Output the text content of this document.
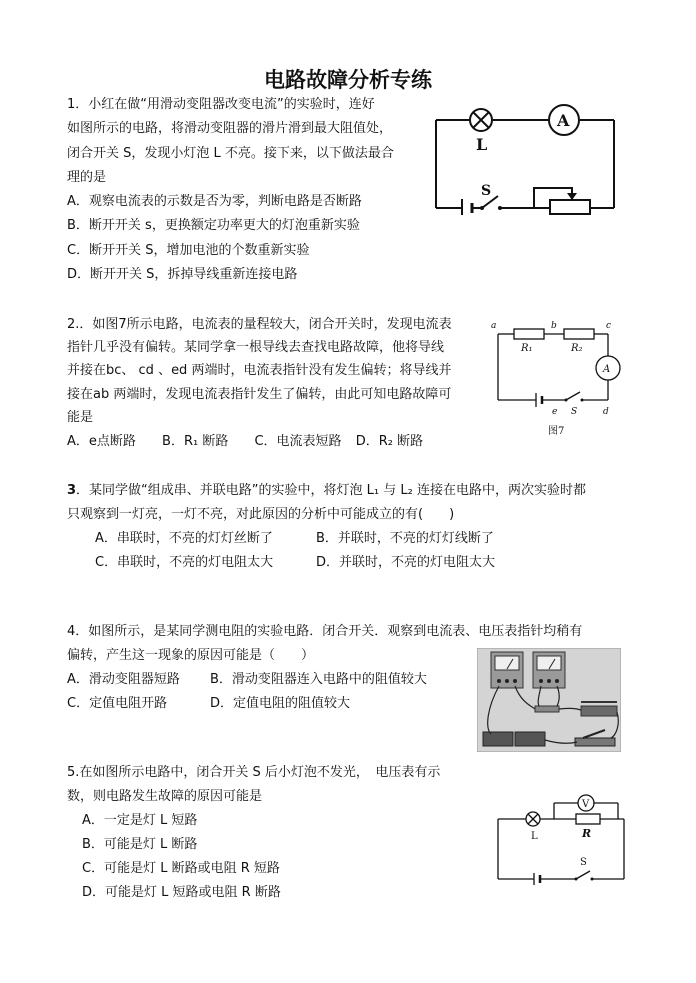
电路故障分析专练
1．小红在做“用滑动变阻器改变电流”的实验时，连好
如图所示的电路，将滑动变阻器的滑片滑到最大阻值处，
闭合开关 S，发现小灯泡 L 不亮。接下来，以下做法最合
理的是
A．观察电流表的示数是否为零，判断电路是否断路
B．断开开关 s，更换额定功率更大的灯泡重新实验
C．断开开关 S，增加电池的个数重新实验
D．断开开关 S，拆掉导线重新连接电路
L
A
S
2.．如图7所示电路，电流表的量程较大，闭合开关时，发现电流表
指针几乎没有偏转。某同学拿一根导线去查找电路故障，他将导线
并接在bc、 cd 、ed 两端时，电流表指针没有发生偏转；将导线并
接在ab 两端时，发现电流表指针发生了偏转，由此可知电路故障可
能是
A．e点断路 B．R₁ 断路 C．电流表短路 D．R₂ 断路
a	b	c
d
e
R₁	R₂
A
S
图7
3．某同学做“组成串、并联电路”的实验中，将灯泡 L₁ 与 L₂ 连接在电路中，两次实验时都
只观察到一灯亮，一灯不亮，对此原因的分析中可能成立的有(　　)
A．串联时，不亮的灯灯丝断了	B．并联时，不亮的灯灯线断了
C．串联时，不亮的灯电阻太大	D．并联时，不亮的灯电阻太大
4．如图所示，是某同学测电阻的实验电路．闭合开关．观察到电流表、电压表指针均稍有
偏转，产生这一现象的原因可能是（　　）
A．滑动变阻器短路 B．滑动变阻器连入电路中的阻值较大
C．定值电阻开路	D．定值电阻的阻值较大
5.在如图所示电路中，闭合开关 S 后小灯泡不发光，　电压表有示
数，则电路发生故障的原因可能是
A．一定是灯 L 短路
B．可能是灯 L 断路
C．可能是灯 L 断路或电阻 R 短路
D．可能是灯 L 短路或电阻 R 断路
L
V
R
S
